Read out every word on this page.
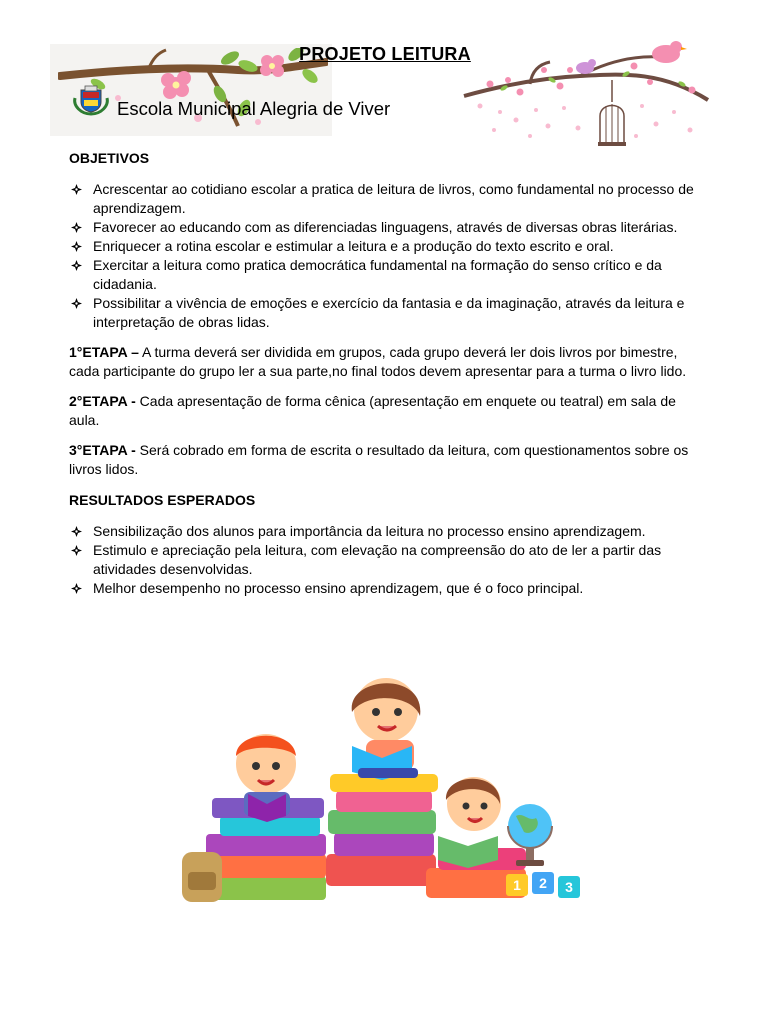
PROJETO LEITURA
Escola Municipal Alegria de Viver
OBJETIVOS
Acrescentar ao cotidiano escolar a pratica de leitura de livros, como fundamental no processo de aprendizagem.
Favorecer ao educando com as diferenciadas linguagens, através de diversas obras literárias.
Enriquecer a rotina escolar e estimular a leitura e a produção do texto escrito e oral.
Exercitar a leitura como pratica democrática fundamental na formação do senso crítico e da cidadania.
Possibilitar a vivência de emoções e exercício da fantasia e da imaginação, através da leitura e interpretação de obras lidas.
1°ETAPA – A turma deverá ser dividida em grupos, cada grupo deverá ler dois livros por bimestre, cada participante do grupo ler a sua parte,no final todos devem apresentar para a turma o livro lido.
2°ETAPA - Cada apresentação de forma cênica (apresentação em enquete ou teatral) em sala de aula.
3°ETAPA - Será cobrado em forma de escrita o resultado da leitura, com questionamentos sobre os livros lidos.
RESULTADOS ESPERADOS
Sensibilização dos alunos para importância da leitura no processo ensino aprendizagem.
Estimulo e apreciação pela leitura, com elevação na compreensão do ato de ler a partir das atividades desenvolvidas.
Melhor desempenho no processo ensino aprendizagem, que é o foco principal.
1 2 3
